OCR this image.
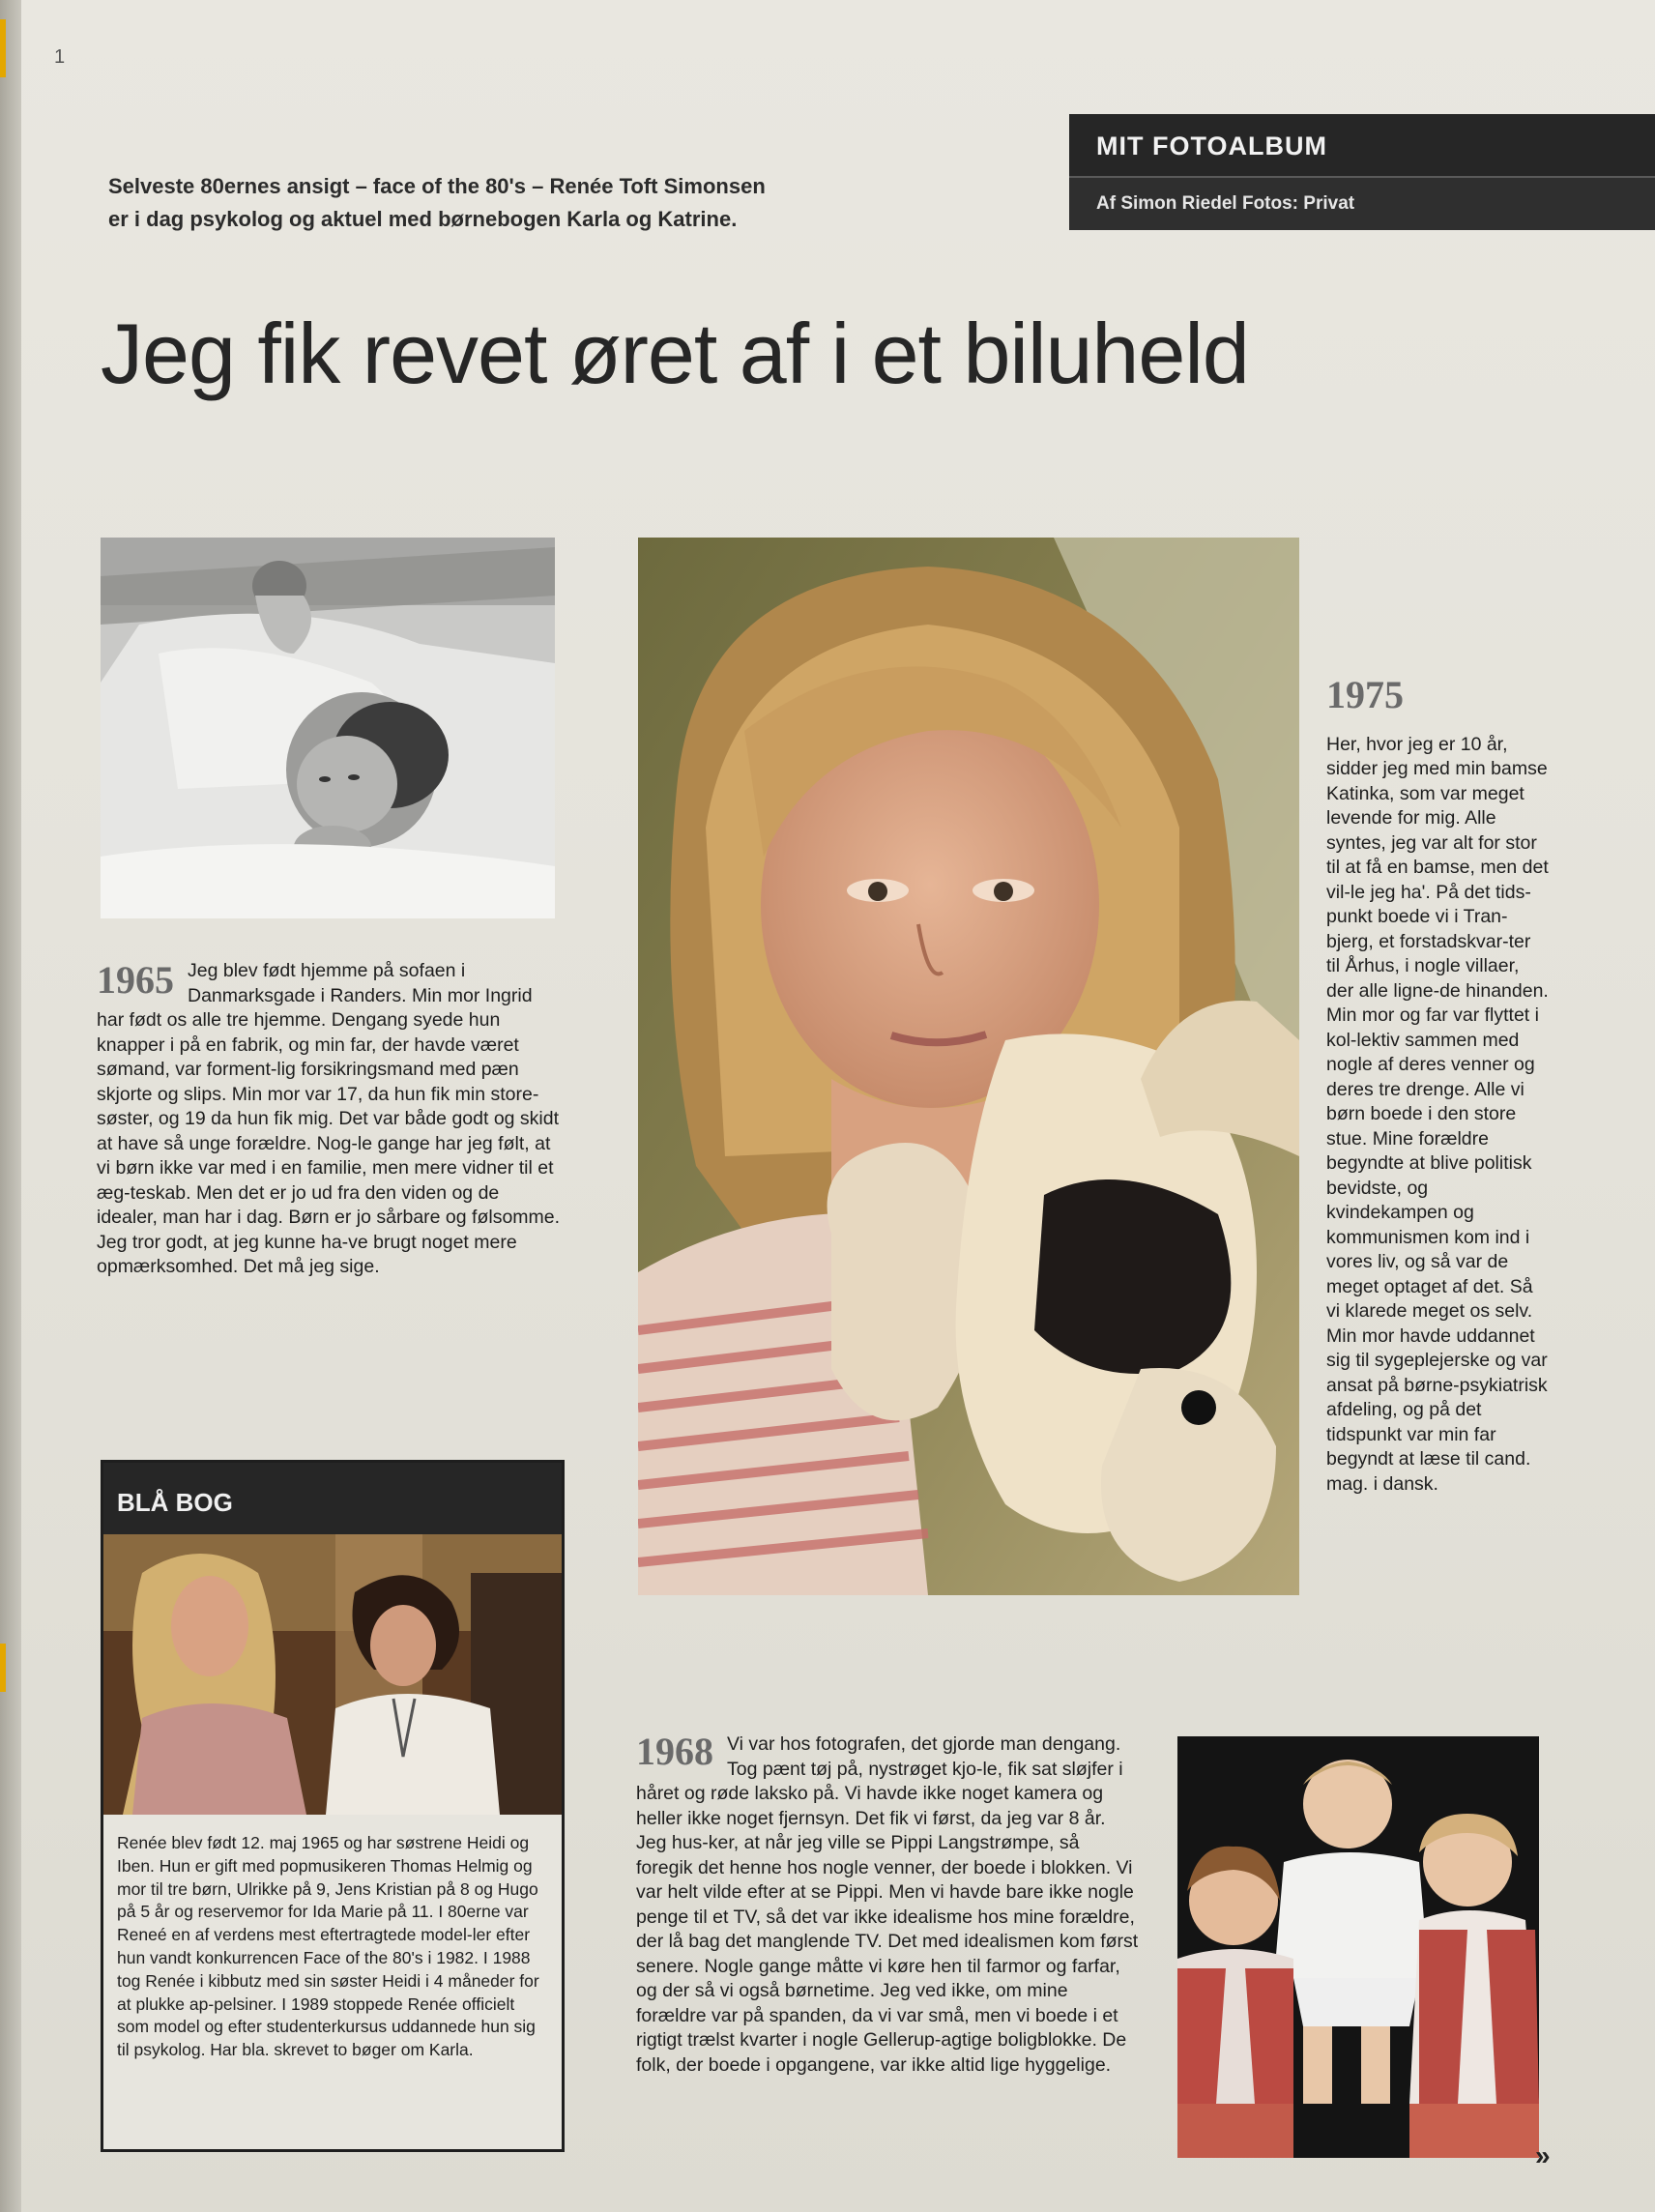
1
MIT FOTOALBUM
Af Simon Riedel Fotos: Privat
Selveste 80ernes ansigt – face of the 80's – Renée Toft Simonsen
er i dag psykolog og aktuel med børnebogen Karla og Katrine.
Jeg fik revet øret af i et biluheld
BLÅ BOG
Renée blev født 12. maj 1965 og har søstrene Heidi og Iben. Hun er gift med popmusikeren Thomas Helmig og mor til tre børn, Ulrikke på 9, Jens Kristian på 8 og Hugo på 5 år og reservemor for Ida Marie på 11. I 80erne var Reneé en af verdens mest eftertragtede model-ler efter hun vandt konkurrencen Face of the 80's i 1982. I 1988 tog Renée i kibbutz med sin søster Heidi i 4 måneder for at plukke ap-pelsiner. I 1989 stoppede Renée officielt som model og efter studenterkursus uddannede hun sig til psykolog. Har bla. skrevet to bøger om Karla.
1965 Jeg blev født hjemme på sofaen i Danmarksgade i Randers. Min mor Ingrid har født os alle tre hjemme. Dengang syede hun knapper i på en fabrik, og min far, der havde været sømand, var forment-lig forsikringsmand med pæn skjorte og slips. Min mor var 17, da hun fik min store-søster, og 19 da hun fik mig. Det var både godt og skidt at have så unge forældre. Nog-le gange har jeg følt, at vi børn ikke var med i en familie, men mere vidner til et æg-teskab. Men det er jo ud fra den viden og de idealer, man har i dag. Børn er jo sårbare og følsomme. Jeg tror godt, at jeg kunne ha-ve brugt noget mere opmærksomhed. Det må jeg sige.
1975
Her, hvor jeg er 10 år, sidder jeg med min bamse Katinka, som var meget levende for mig. Alle syntes, jeg var alt for stor til at få en bamse, men det vil-le jeg ha'. På det tids-punkt boede vi i Tran-bjerg, et forstadskvar-ter til Århus, i nogle villaer, der alle ligne-de hinanden. Min mor og far var flyttet i kol-lektiv sammen med nogle af deres venner og deres tre drenge. Alle vi børn boede i den store stue. Mine forældre begyndte at blive politisk bevidste, og kvindekampen og kommunismen kom ind i vores liv, og så var de meget optaget af det. Så vi klarede meget os selv. Min mor havde uddannet sig til sygeplejerske og var ansat på børne-psykiatrisk afdeling, og på det tidspunkt var min far begyndt at læse til cand. mag. i dansk.
1968 Vi var hos fotografen, det gjorde man dengang. Tog pænt tøj på, nystrøget kjo-le, fik sat sløjfer i håret og røde laksko på. Vi havde ikke noget kamera og heller ikke noget fjernsyn. Det fik vi først, da jeg var 8 år. Jeg hus-ker, at når jeg ville se Pippi Langstrømpe, så foregik det henne hos nogle venner, der boede i blokken. Vi var helt vilde efter at se Pippi. Men vi havde bare ikke nogle penge til et TV, så det var ikke idealisme hos mine forældre, der lå bag det manglende TV. Det med idealismen kom først senere. Nogle gange måtte vi køre hen til farmor og farfar, og der så vi også børnetime. Jeg ved ikke, om mine forældre var på spanden, da vi var små, men vi boede i et rigtigt trælst kvarter i nogle Gellerup-agtige boligblokke. De folk, der boede i opgangene, var ikke altid lige hyggelige.
»
